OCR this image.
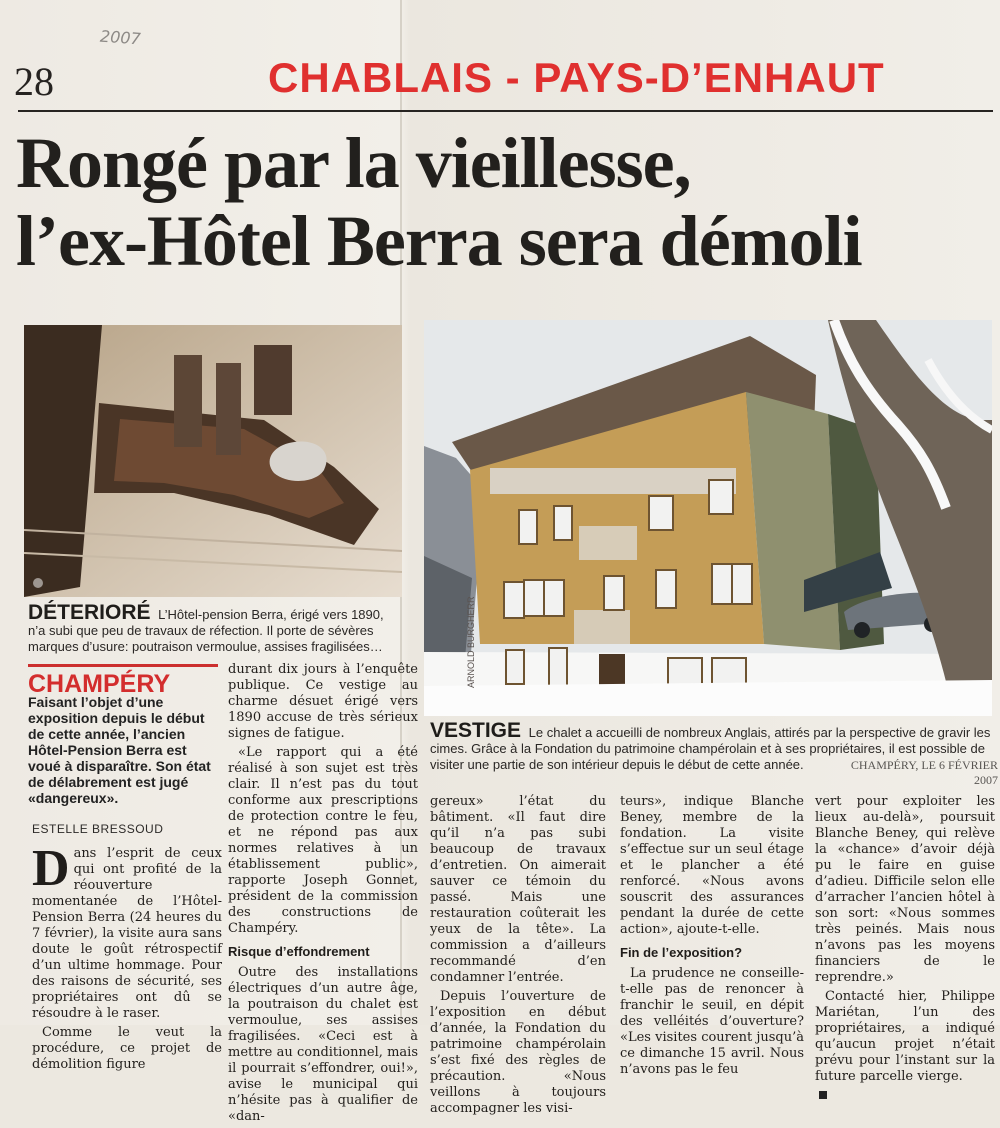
2007
28	CHABLAIS - PAYS-D’ENHAUT
Rongé par la vieillesse,
l’ex-Hôtel Berra sera démoli
ARNOLD BURGHERR
DÉTERIORÉ L’Hôtel-pension Berra, érigé vers 1890, n’a subi que peu de travaux de réfection. Il porte de sévères marques d’usure: poutraison vermoulue, assises fragilisées…
VESTIGE Le chalet a accueilli de nombreux Anglais, attirés par la perspective de gravir les cimes. Grâce à la Fondation du patrimoine champérolain et à ses propriétaires, il est possible de visiter une partie de son intérieur depuis le début de cette année.	CHAMPÉRY, LE 6 FÉVRIER 2007
CHAMPÉRY
Faisant l’objet d’une exposition depuis le début de cette année, l’ancien Hôtel-Pension Berra est voué à disparaître. Son état de délabrement est jugé «dangereux».
ESTELLE BRESSOUD
D ans l’esprit de ceux qui ont profité de la réouverture momentanée de l’Hôtel-Pension Berra (24 heures du 7 février), la visite aura sans doute le goût rétrospectif d’un ultime hommage. Pour des raisons de sécurité, ses propriétaires ont dû se résoudre à le raser.
Comme le veut la procédure, ce projet de démolition figure
durant dix jours à l’enquête publique. Ce vestige au charme désuet érigé vers 1890 accuse de très sérieux signes de fatigue.
«Le rapport qui a été réalisé à son sujet est très clair. Il n’est pas du tout conforme aux prescriptions de protection contre le feu, et ne répond pas aux normes relatives à un établissement public», rapporte Joseph Gonnet, président de la commission des constructions de Champéry.
Risque d’effondrement
Outre des installations électriques d’un autre âge, la poutraison du chalet est vermoulue, ses assises fragilisées. «Ceci est à mettre au conditionnel, mais il pourrait s’effondrer, oui!», avise le municipal qui n’hésite pas à qualifier de «dan-
gereux» l’état du bâtiment. «Il faut dire qu’il n’a pas subi beaucoup de travaux d’entretien. On aimerait sauver ce témoin du passé. Mais une restauration coûterait les yeux de la tête». La commission a d’ailleurs recommandé d’en condamner l’entrée.
Depuis l’ouverture de l’exposition en début d’année, la Fondation du patrimoine champérolain s’est fixé des règles de précaution. «Nous veillons à toujours accompagner les visi-
teurs», indique Blanche Beney, membre de la fondation. La visite s’effectue sur un seul étage et le plancher a été renforcé. «Nous avons souscrit des assurances pendant la durée de cette action», ajoute-t-elle.
Fin de l’exposition?
La prudence ne conseille-t-elle pas de renoncer à franchir le seuil, en dépit des velléités d’ouverture? «Les visites courent jusqu’à ce dimanche 15 avril. Nous n’avons pas le feu
vert pour exploiter les lieux au-delà», poursuit Blanche Beney, qui relève la «chance» d’avoir déjà pu le faire en guise d’adieu. Difficile selon elle d’arracher l’ancien hôtel à son sort: «Nous sommes très peinés. Mais nous n’avons pas les moyens financiers de le reprendre.»
Contacté hier, Philippe Mariétan, l’un des propriétaires, a indiqué qu’aucun projet n’était prévu pour l’instant sur la future parcelle vierge.
